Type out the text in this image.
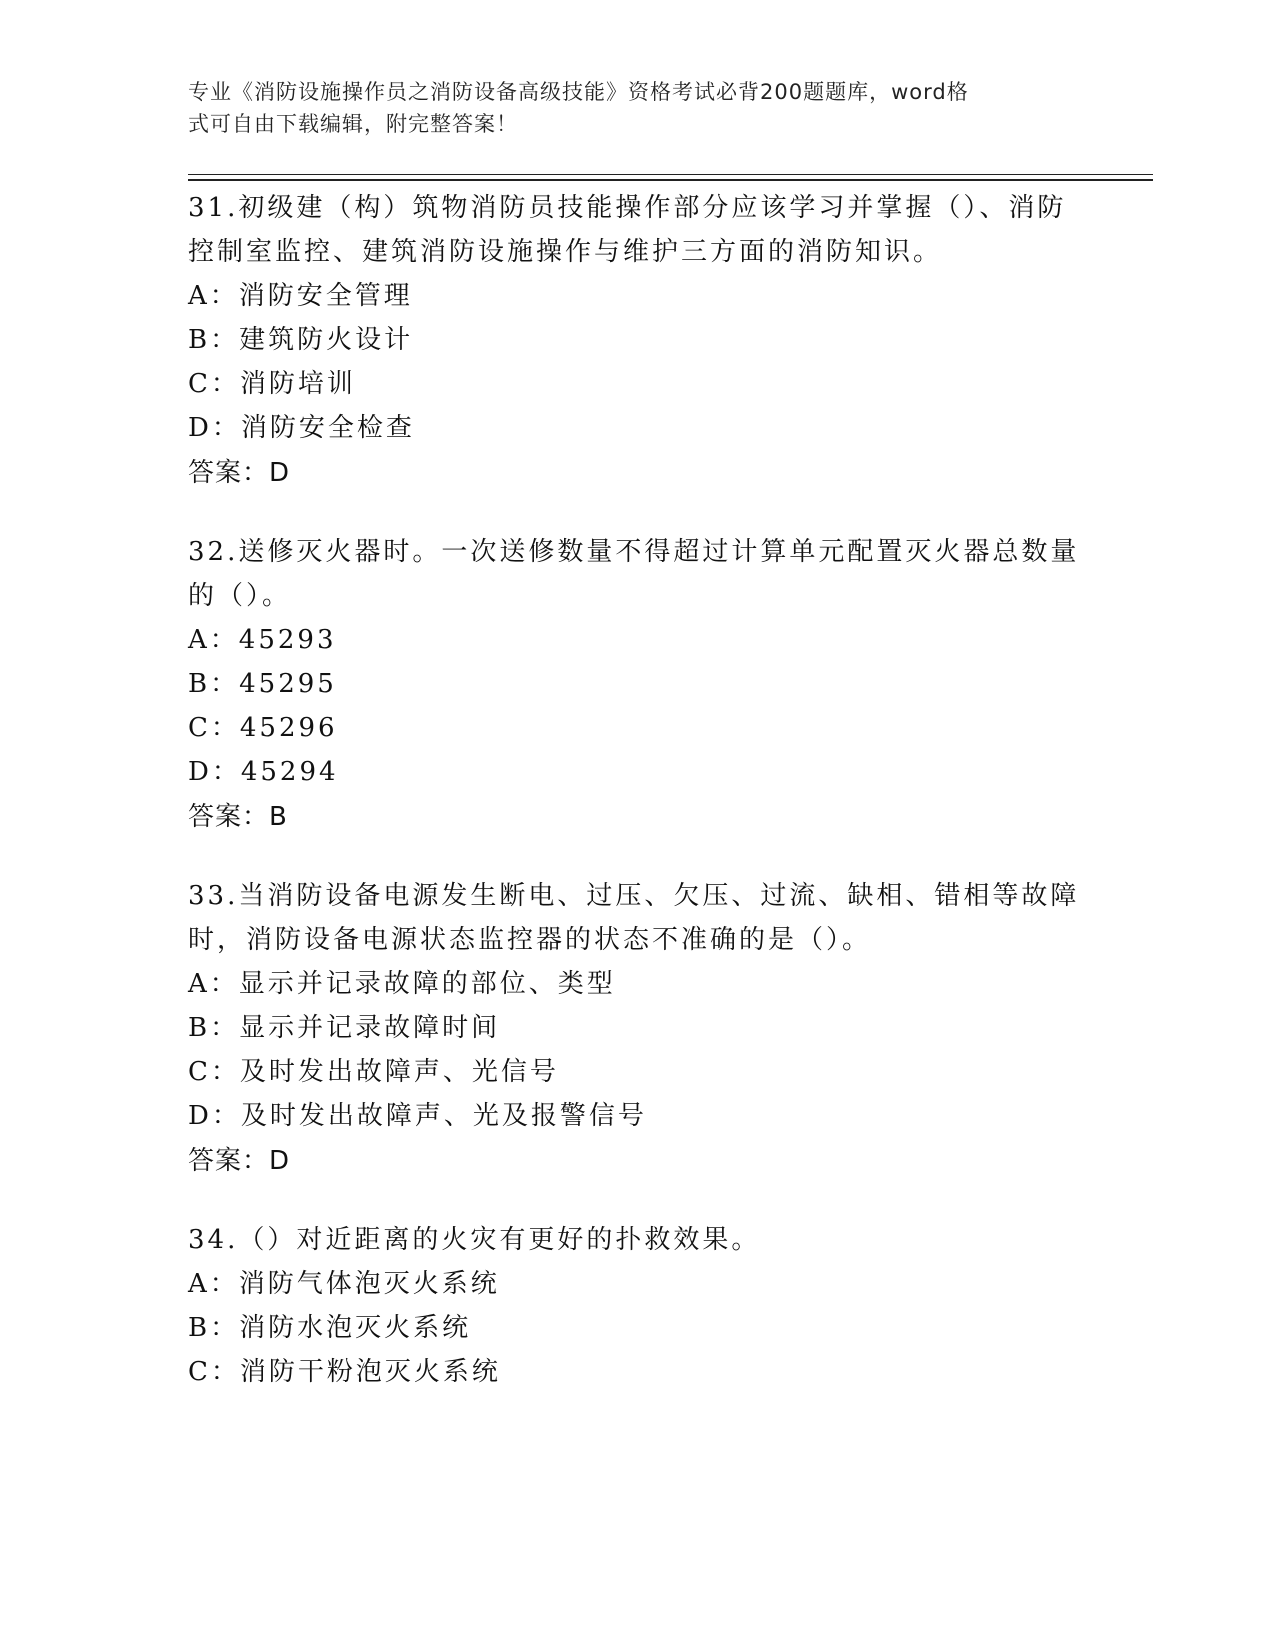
专业《消防设施操作员之消防设备高级技能》资格考试必背200题题库，word格
式可自由下载编辑，附完整答案！
31.初级建（构）筑物消防员技能操作部分应该学习并掌握（）、消防
控制室监控、建筑消防设施操作与维护三方面的消防知识。
A：消防安全管理
B：建筑防火设计
C：消防培训
D：消防安全检查
答案：D
32.送修灭火器时。一次送修数量不得超过计算单元配置灭火器总数量
的（）。
A：45293
B：45295
C：45296
D：45294
答案：B
33.当消防设备电源发生断电、过压、欠压、过流、缺相、错相等故障
时，消防设备电源状态监控器的状态不准确的是（）。
A：显示并记录故障的部位、类型
B：显示并记录故障时间
C：及时发出故障声、光信号
D：及时发出故障声、光及报警信号
答案：D
34.（）对近距离的火灾有更好的扑救效果。
A：消防气体泡灭火系统
B：消防水泡灭火系统
C：消防干粉泡灭火系统
